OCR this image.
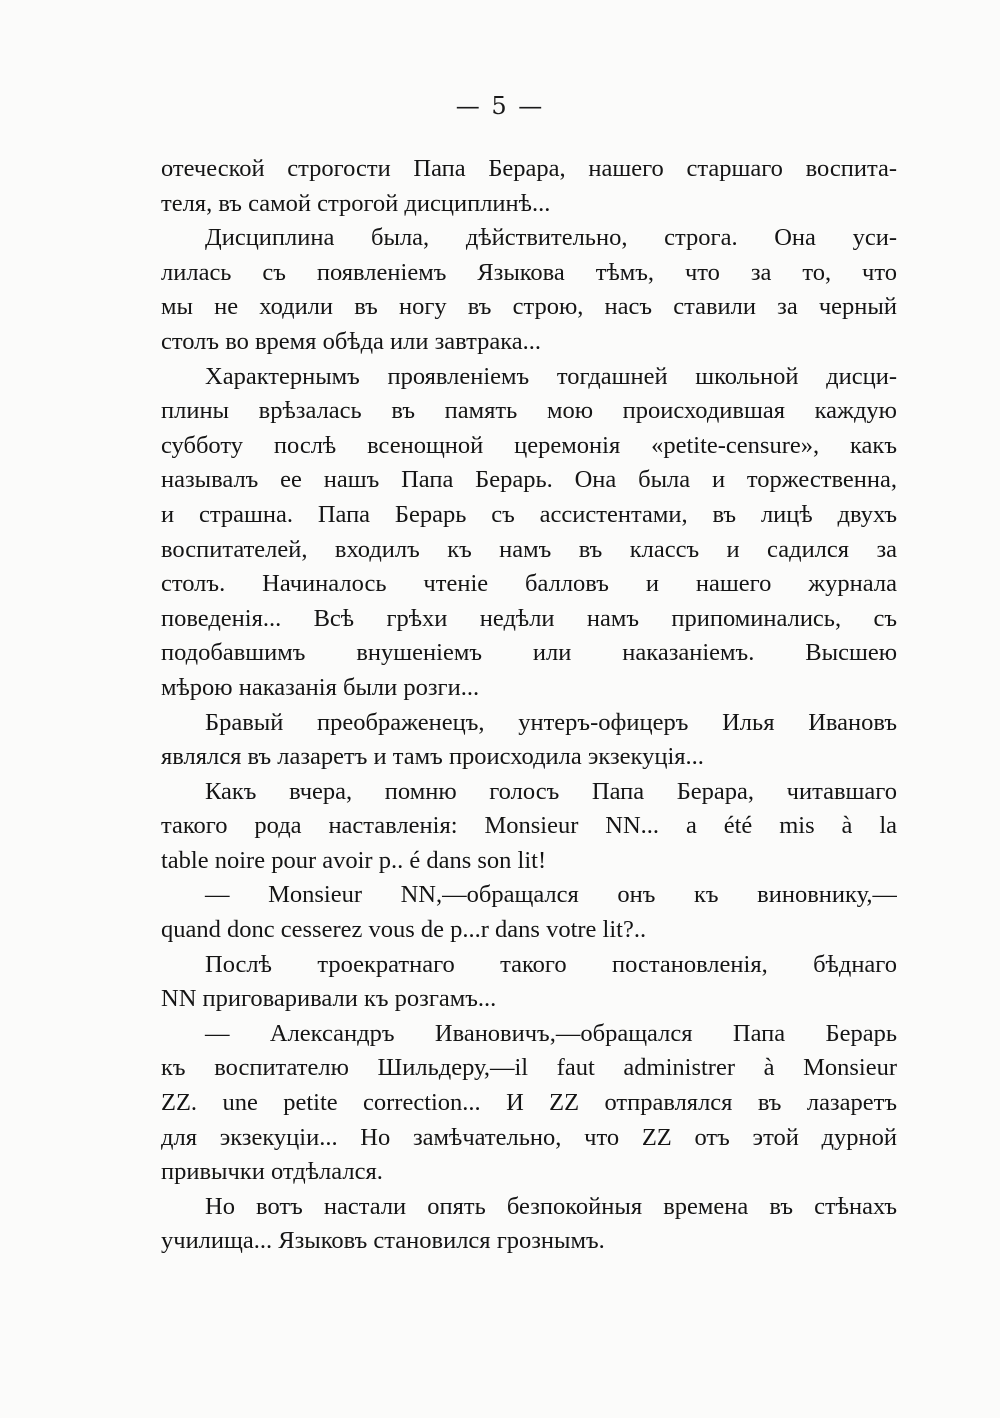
— 5 —
отеческой строгости Папа Берара, нашего старшаго воспита-
теля, въ самой строгой дисциплинѣ...
Дисциплина была, дѣйствительно, строга. Она уси-
лилась съ появленіемъ Языкова тѣмъ, что за то, что
мы не ходили въ ногу въ строю, насъ ставили за черный
столъ во время обѣда или завтрака...
Характернымъ проявленіемъ тогдашней школьной дисци-
плины врѣзалась въ память мою происходившая каждую
субботу послѣ всенощной церемонія «petite-censure», какъ
называлъ ее нашъ Папа Берарь. Она была и торжественна,
и страшна. Папа Берарь съ ассистентами, въ лицѣ двухъ
воспитателей, входилъ къ намъ въ классъ и садился за
столъ. Начиналось чтеніе балловъ и нашего журнала
поведенія... Всѣ грѣхи недѣли намъ припоминались, съ
подобавшимъ внушеніемъ или наказаніемъ. Высшею
мѣрою наказанія были розги...
Бравый преображенецъ, унтеръ-офицеръ Илья Ивановъ
являлся въ лазаретъ и тамъ происходила экзекуція...
Какъ вчера, помню голосъ Папа Берара, читавшаго
такого рода наставленія: Monsieur NN... a été mis à la
table noire pour avoir p.. é dans son lit!
— Monsieur NN,—обращался онъ къ виновнику,—
quand donc cesserez vous de p...r dans votre lit?..
Послѣ троекратнаго такого постановленія, бѣднаго
NN приговаривали къ розгамъ...
— Александръ Ивановичъ,—обращался Папа Берарь
къ воспитателю Шильдеру,—il faut administrer à Monsieur
ZZ. une petite correction... И ZZ отправлялся въ лазаретъ
для экзекуціи... Но замѣчательно, что ZZ отъ этой дурной
привычки отдѣлался.
Но вотъ настали опять безпокойныя времена въ стѣнахъ
училища... Языковъ становился грознымъ.
